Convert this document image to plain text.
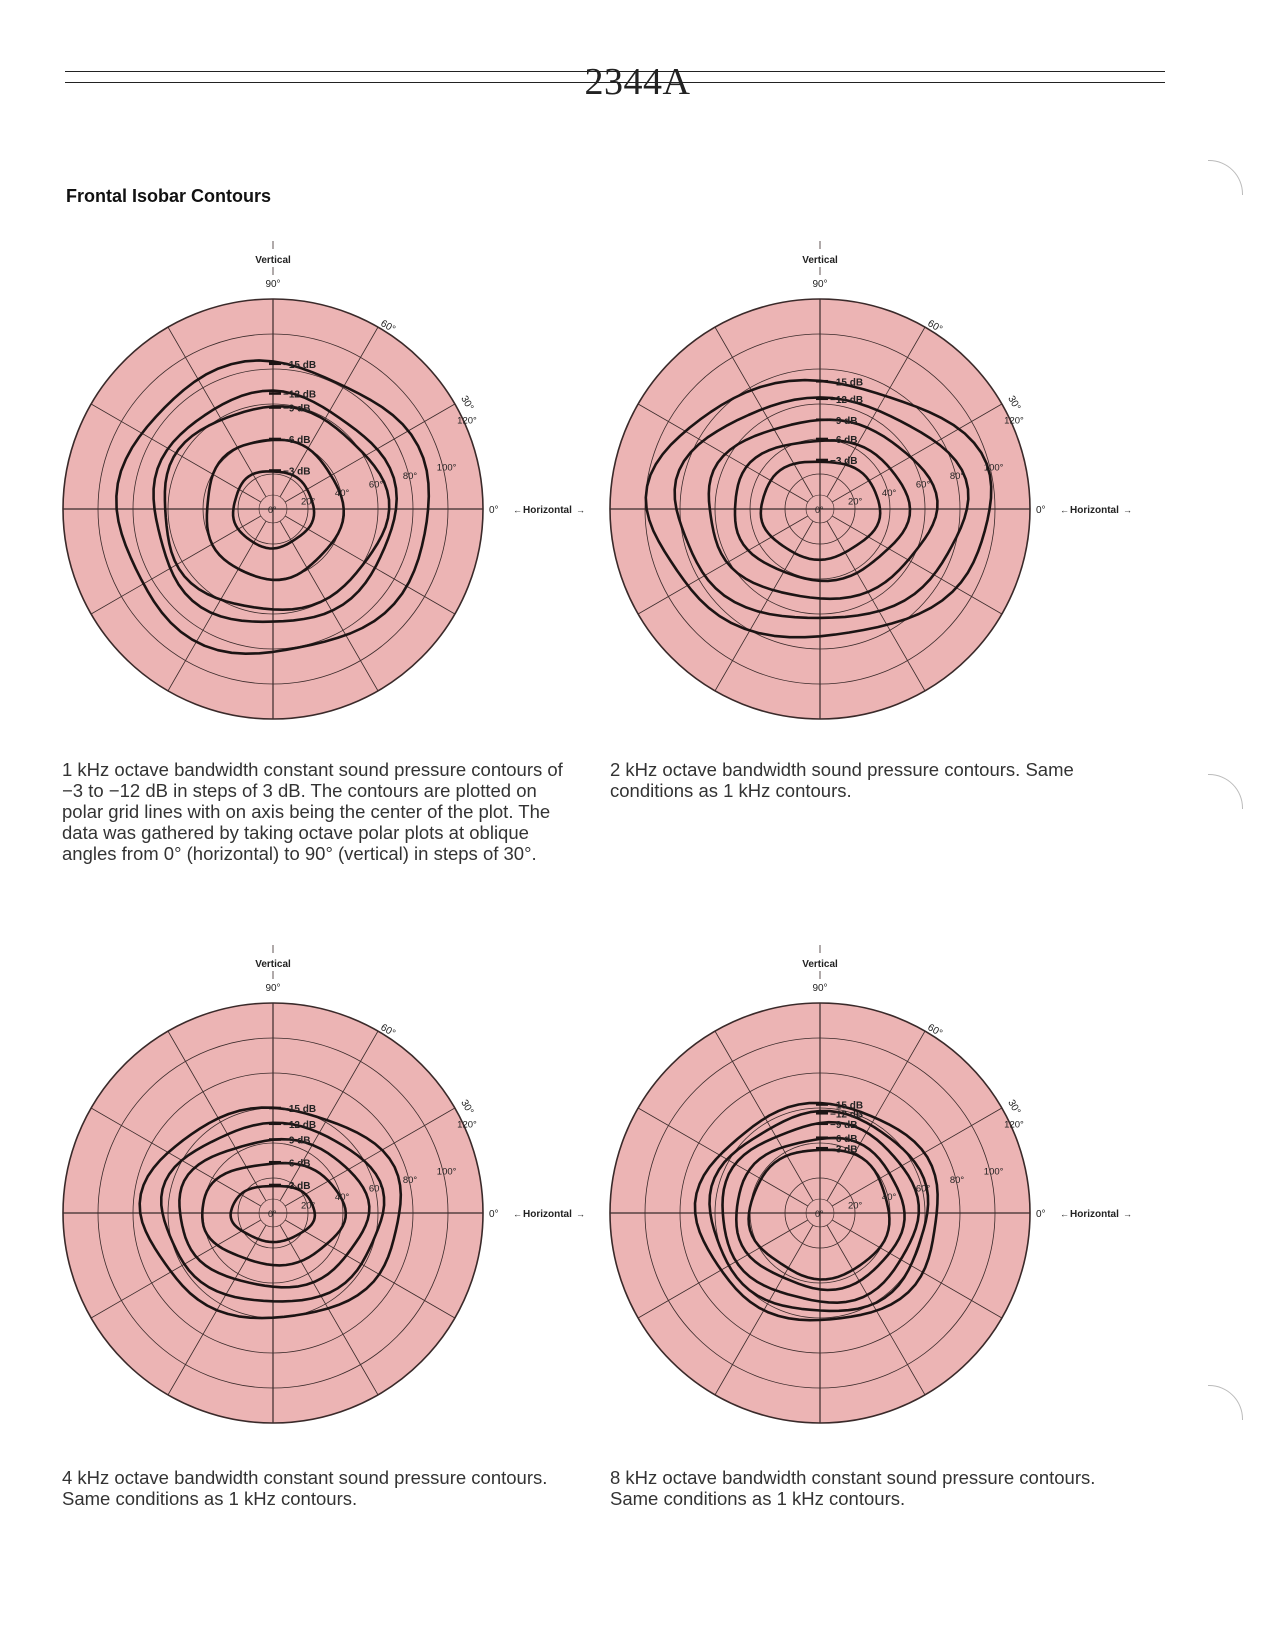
2344A
Frontal Isobar Contours
−3 dB
−6 dB
−9 dB
−12 dB
−15 dB
20°
40°
60°
80°
100°
120°
60°
30°
0°	0° ← Horizontal →
90°
Vertical
−3 dB
−6 dB
−9 dB
−12 dB
−15 dB
20°
40°
60°
80°
100°
120°
60°
30°
0°	0° ← Horizontal →
90°
Vertical
−3 dB
−6 dB
−9 dB
−12 dB
−15 dB
20°
40°
60°
80°
100°
120°
60°
30°
0°	0° ← Horizontal →
90°
Vertical
−3 dB
−6 dB
−9 dB
−12 dB
−15 dB
20°
40°
60°
80°
100°
120°
60°
30°
0°	0° ← Horizontal →
90°
Vertical

1 kHz octave bandwidth constant sound pressure contours of −3 to −12 dB in steps of 3 dB. The contours are plotted on polar grid lines with on axis being the center of the plot. The data was gathered by taking octave polar plots at oblique angles from 0° (horizontal) to 90° (vertical) in steps of 30°.

2 kHz octave bandwidth sound pressure contours. Same conditions as 1 kHz contours.

4 kHz octave bandwidth constant sound pressure contours. Same conditions as 1 kHz contours.

8 kHz octave bandwidth constant sound pressure contours. Same conditions as 1 kHz contours.
